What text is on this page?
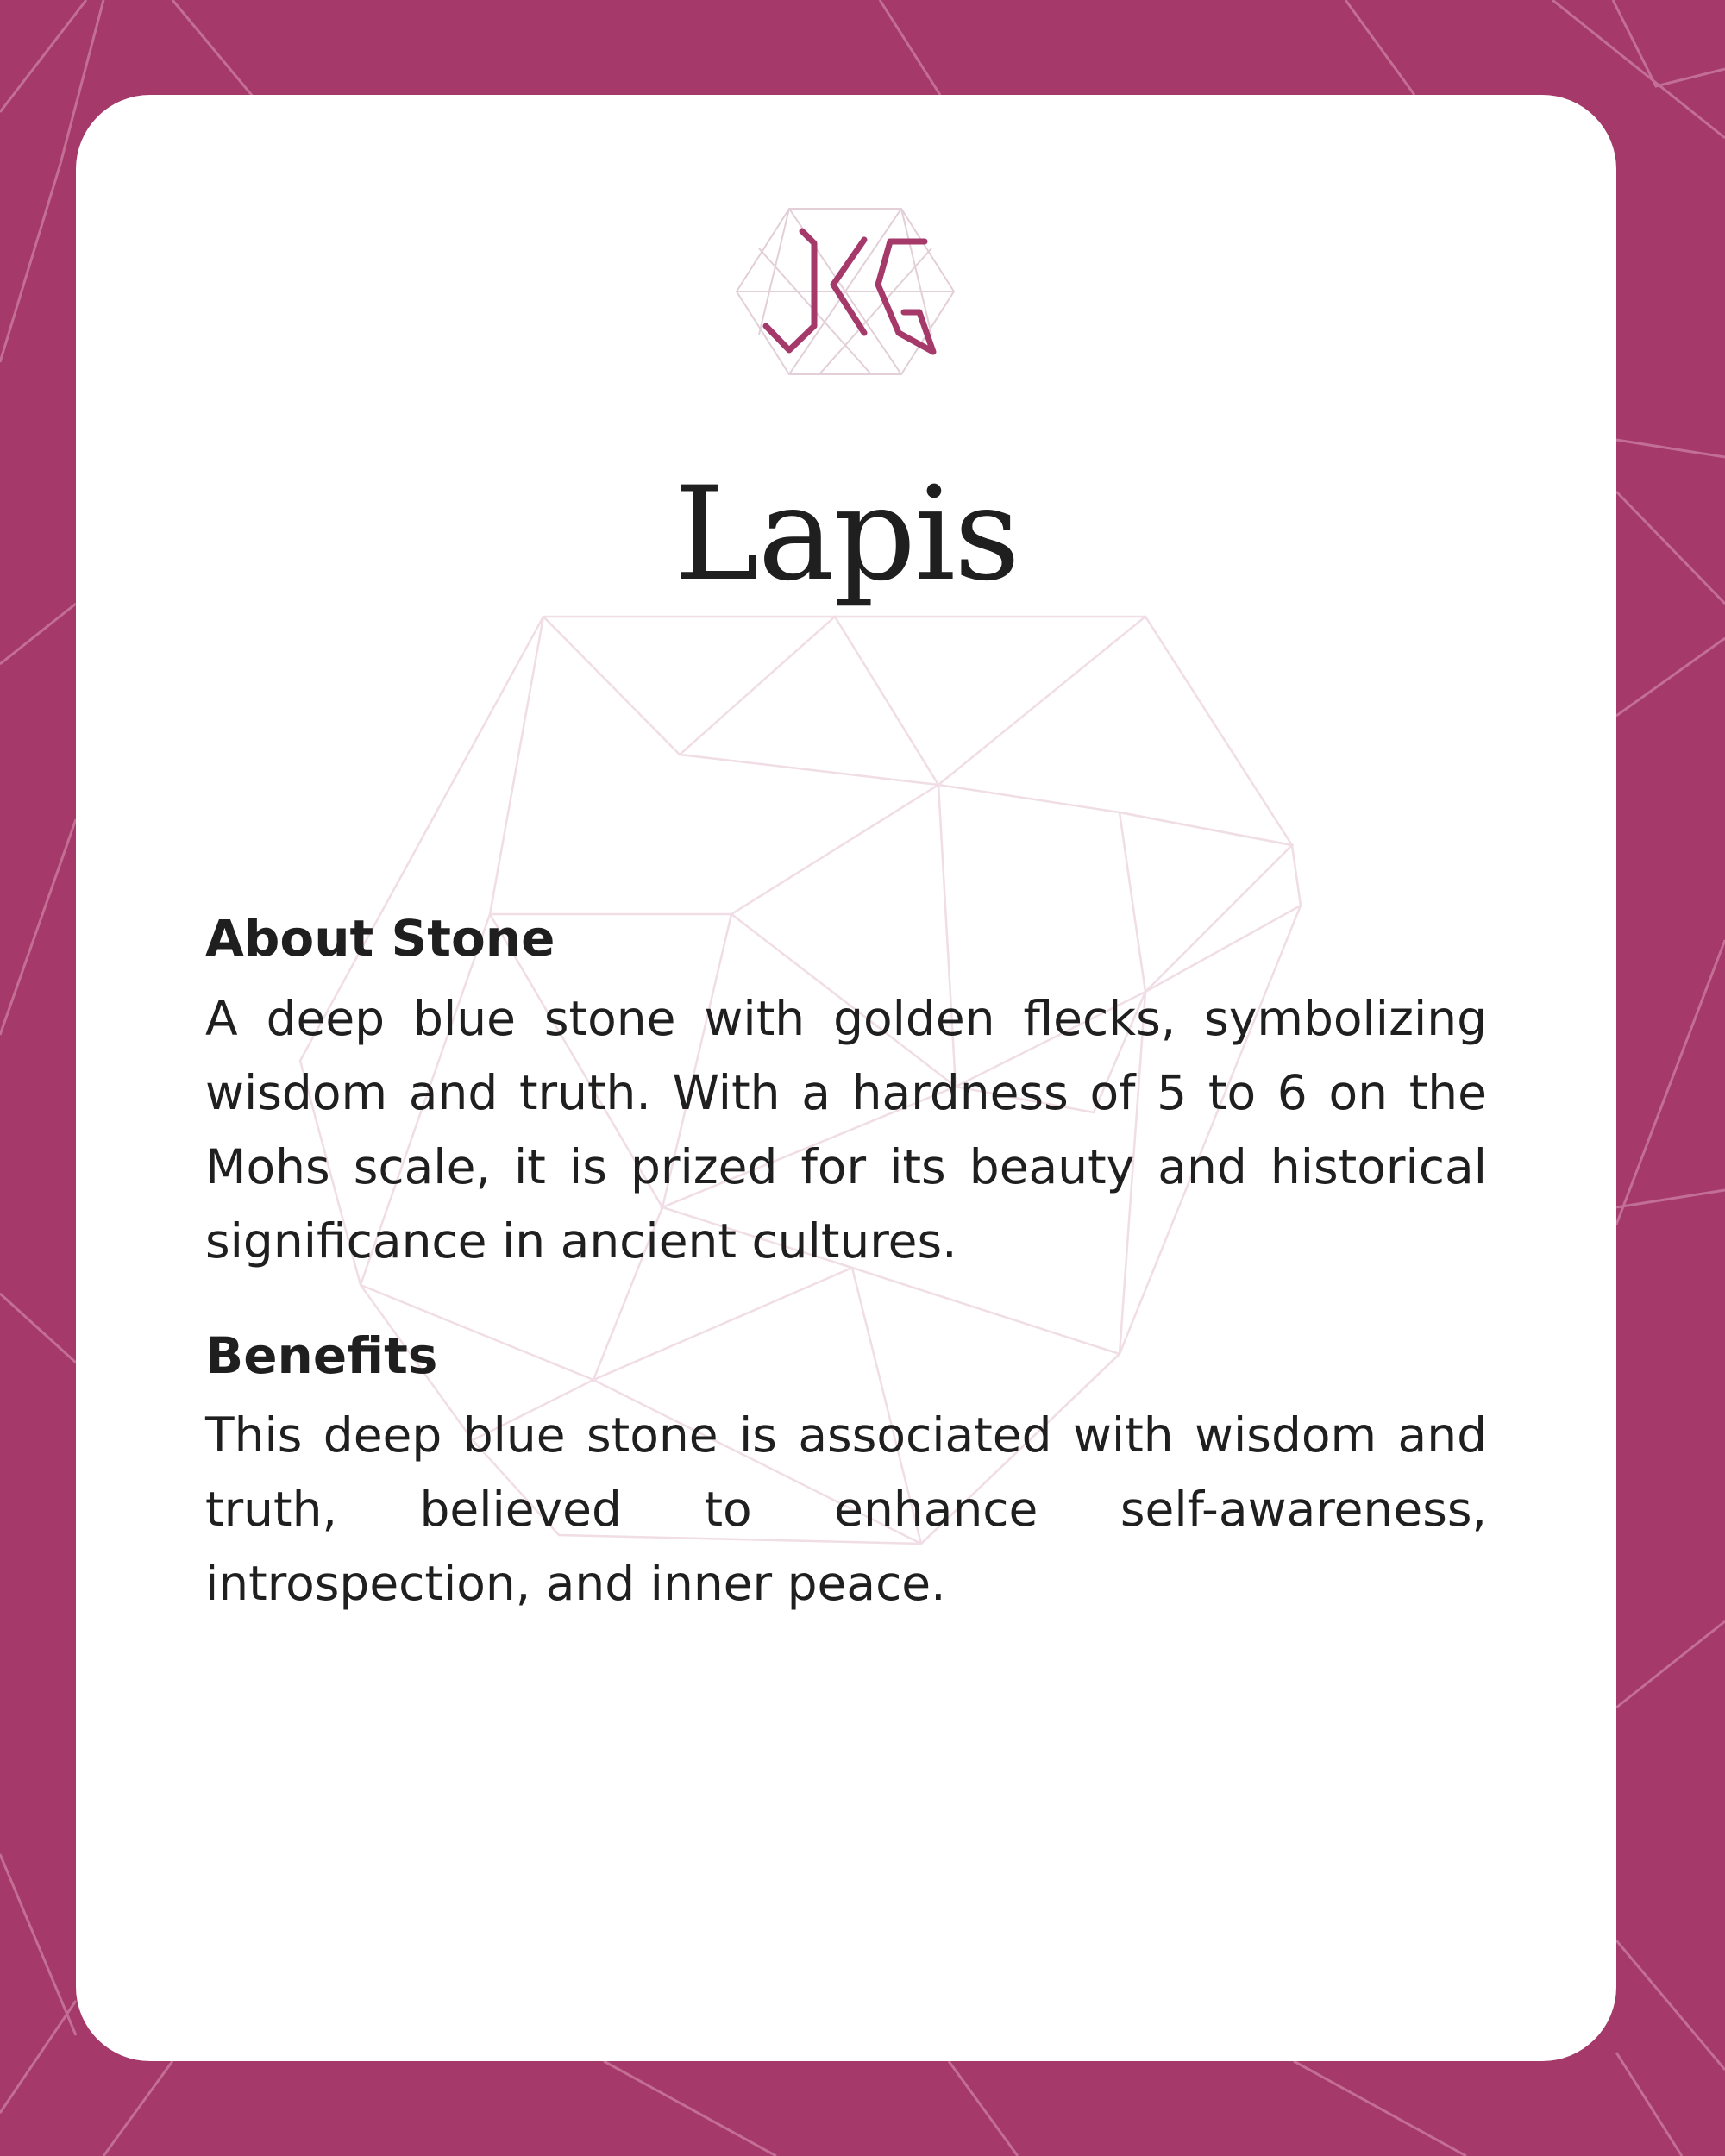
Lapis
About Stone

A deep blue stone with golden flecks, symbolizing wisdom and truth. With a hardness of 5 to 6 on the Mohs scale, it is prized for its beauty and historical significance in ancient cultures.

Benefits

This deep blue stone is associated with wisdom and truth, believed to enhance self-awareness, introspection, and inner peace.
